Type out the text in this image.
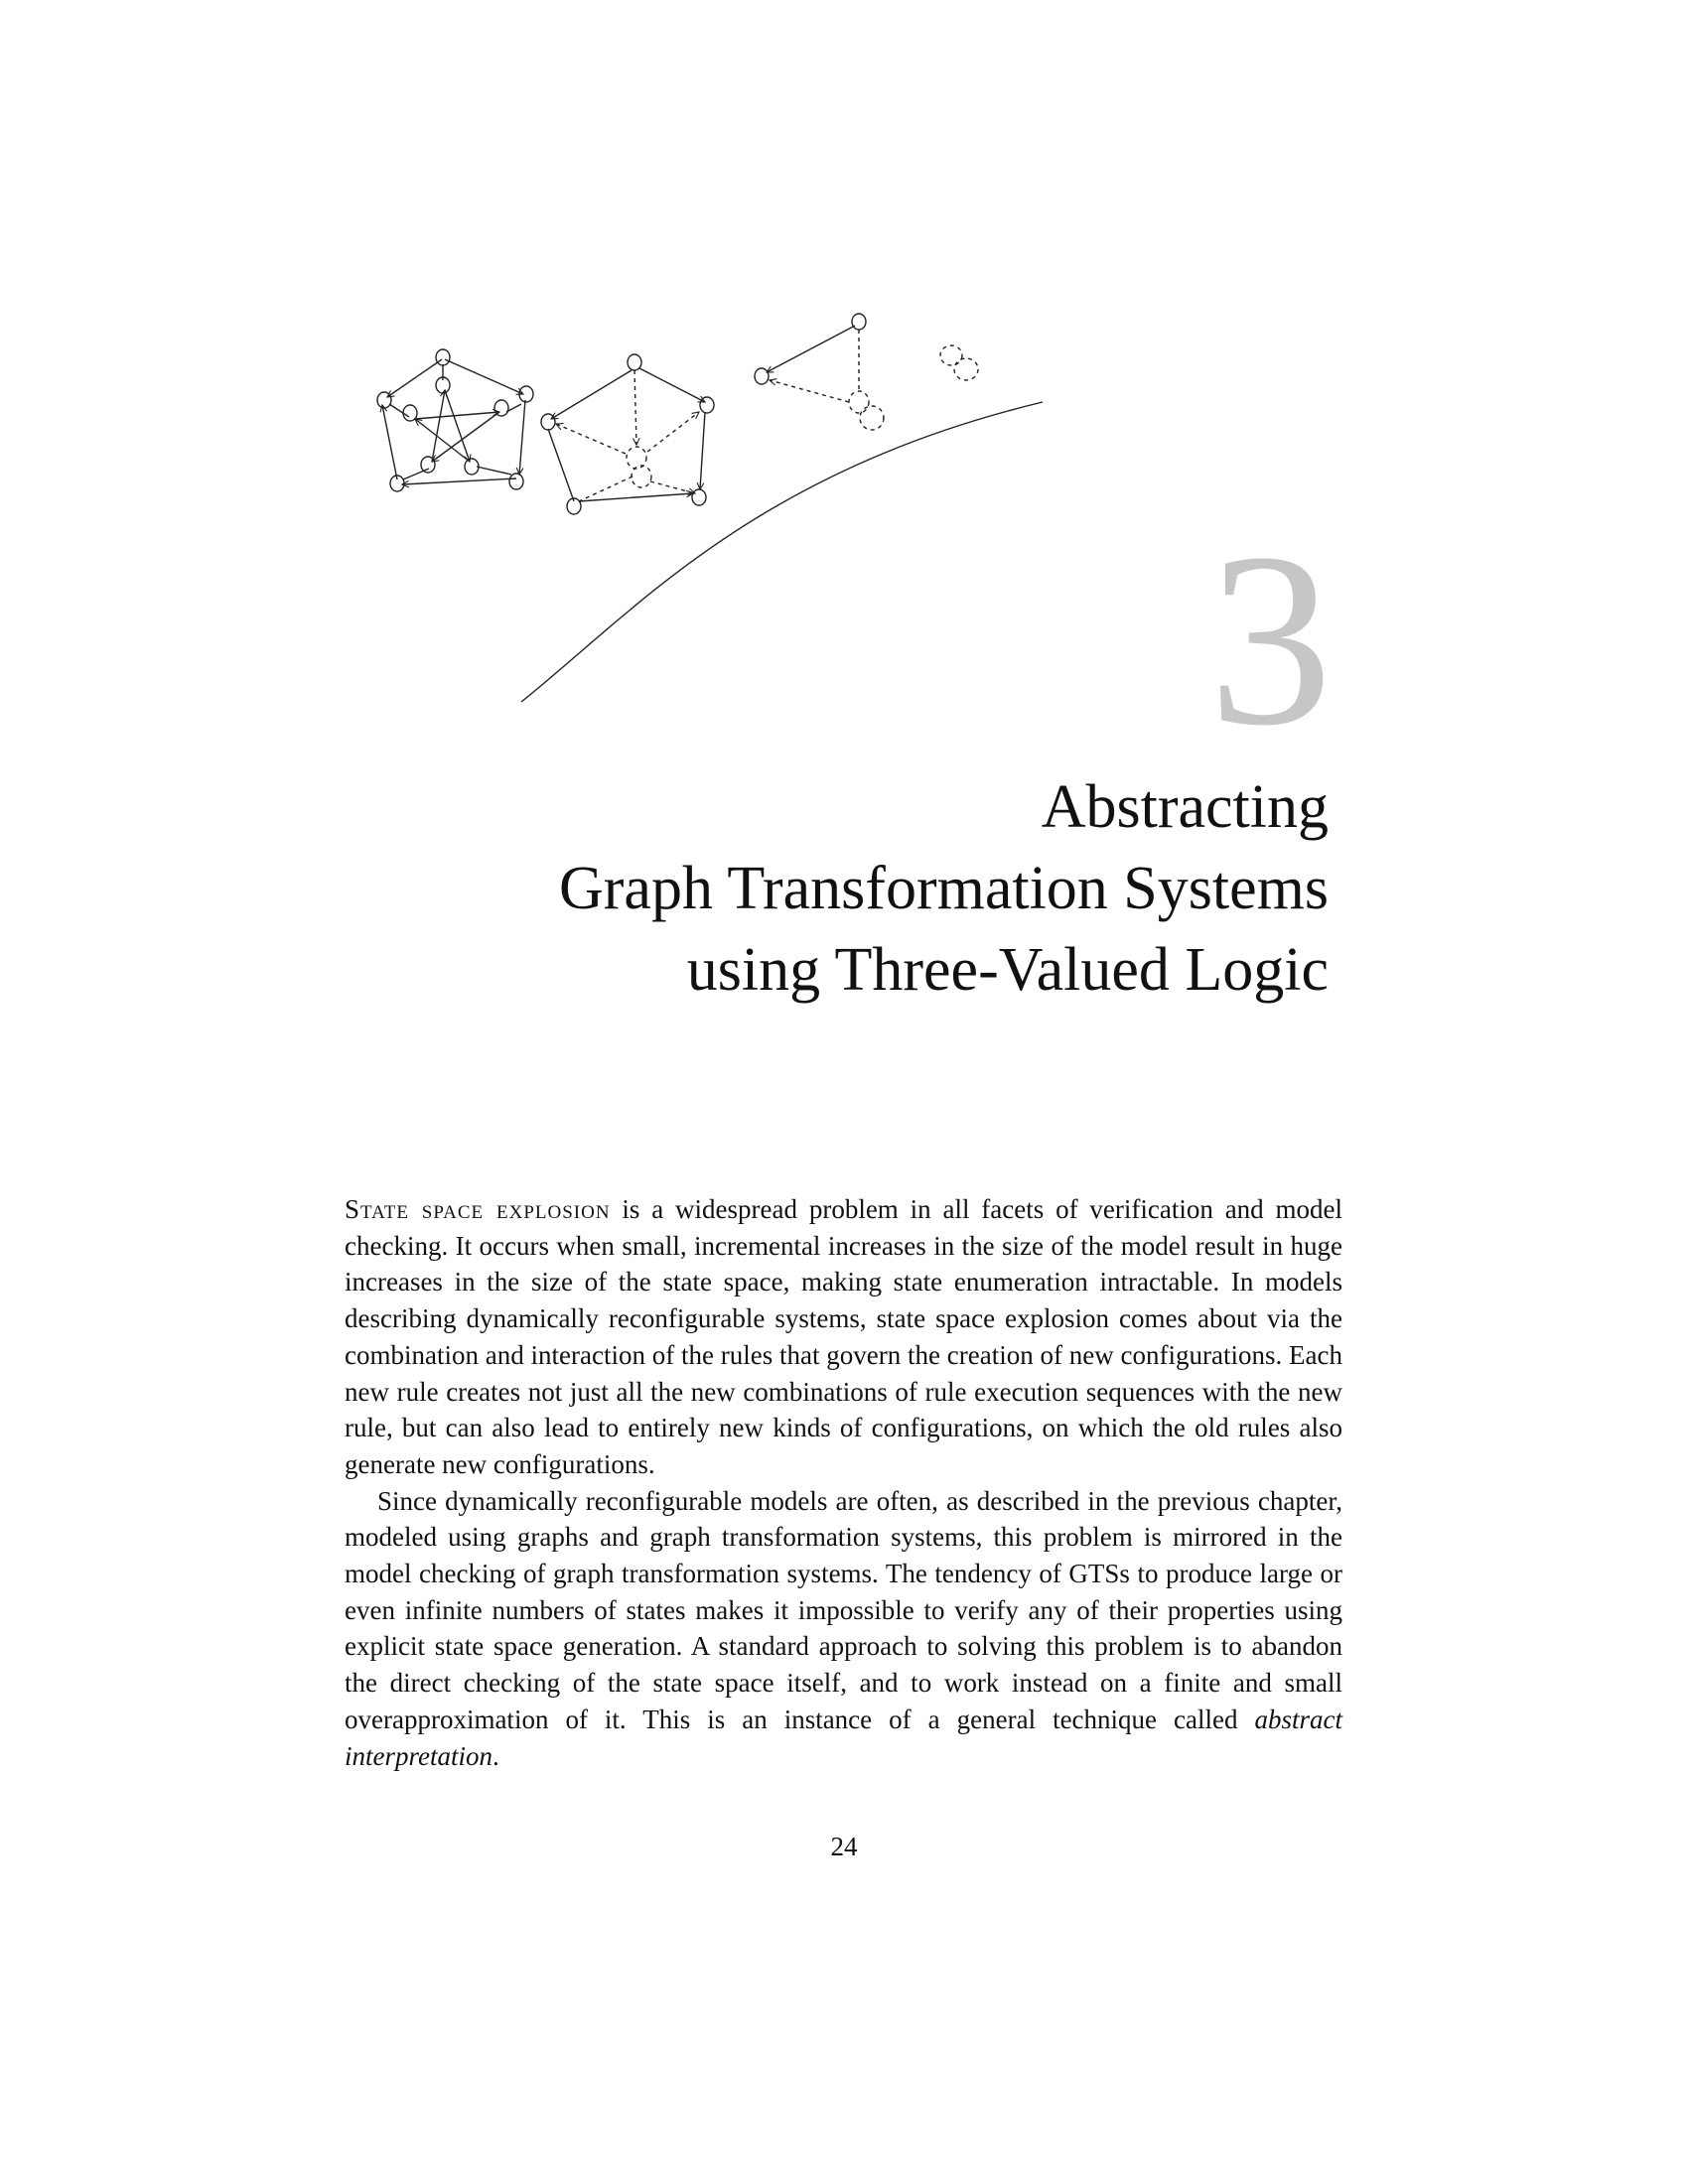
3
Abstracting
Graph Transformation Systems
using Three-Valued Logic

State space explosion is a widespread problem in all facets of verification and model checking. It occurs when small, incremental increases in the size of the model result in huge increases in the size of the state space, making state enumeration intractable. In models describing dynamically reconfigurable systems, state space explosion comes about via the combination and interaction of the rules that govern the creation of new configurations. Each new rule creates not just all the new combinations of rule execution sequences with the new rule, but can also lead to entirely new kinds of configurations, on which the old rules also generate new configurations.

Since dynamically reconfigurable models are often, as described in the previous chapter, modeled using graphs and graph transformation systems, this problem is mirrored in the model checking of graph transformation systems. The tendency of GTSs to produce large or even infinite numbers of states makes it impossible to verify any of their properties using explicit state space generation. A standard approach to solving this problem is to abandon the direct checking of the state space itself, and to work instead on a finite and small overapproximation of it. This is an instance of a general technique called abstract interpretation.

24
